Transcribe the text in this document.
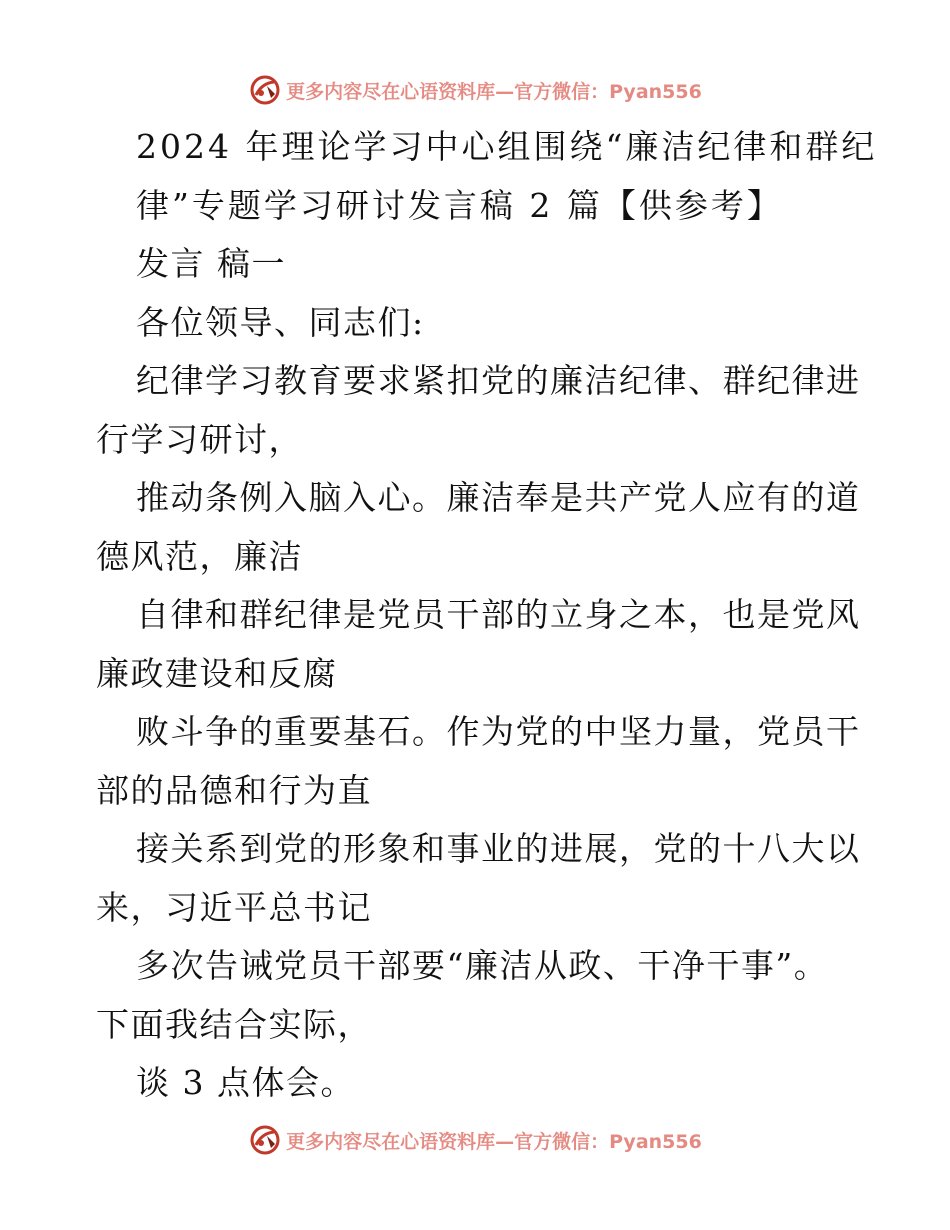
更多内容尽在心语资料库—官方微信：Pyan556
2024 年理论学习中心组围绕“廉洁纪律和群纪
律”专题学习研讨发言稿 2 篇【供参考】
发言 稿一
各位领导、同志们:
纪律学习教育要求紧扣党的廉洁纪律、群纪律进
行学习研讨，
推动条例入脑入心。廉洁奉是共产党人应有的道
德风范，廉洁
自律和群纪律是党员干部的立身之本，也是党风
廉政建设和反腐
败斗争的重要基石。作为党的中坚力量，党员干
部的品德和行为直
接关系到党的形象和事业的进展，党的十八大以
来，习近平总书记
多次告诫党员干部要“廉洁从政、干净干事”。
下面我结合实际，
谈 3 点体会。
更多内容尽在心语资料库—官方微信：Pyan556
